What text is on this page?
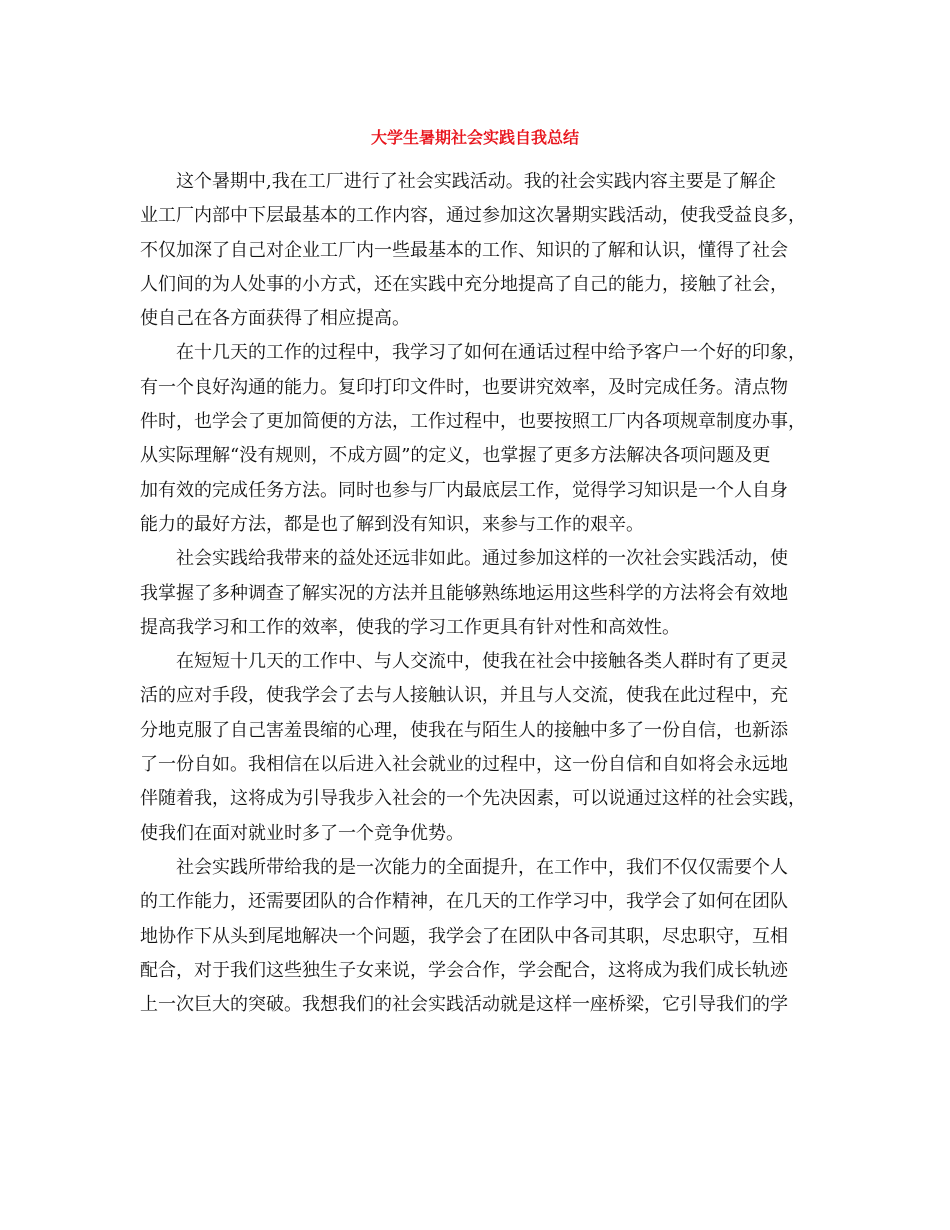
大学生暑期社会实践自我总结
这个暑期中,我在工厂进行了社会实践活动。我的社会实践内容主要是了解企
业工厂内部中下层最基本的工作内容，通过参加这次暑期实践活动，使我受益良多，
不仅加深了自己对企业工厂内一些最基本的工作、知识的了解和认识，懂得了社会
人们间的为人处事的小方式，还在实践中充分地提高了自己的能力，接触了社会，
使自己在各方面获得了相应提高。
在十几天的工作的过程中，我学习了如何在通话过程中给予客户一个好的印象，
有一个良好沟通的能力。复印打印文件时，也要讲究效率，及时完成任务。清点物
件时，也学会了更加简便的方法，工作过程中，也要按照工厂内各项规章制度办事，
从实际理解“没有规则，不成方圆”的定义，也掌握了更多方法解决各项问题及更
加有效的完成任务方法。同时也参与厂内最底层工作，觉得学习知识是一个人自身
能力的最好方法，都是也了解到没有知识，来参与工作的艰辛。
社会实践给我带来的益处还远非如此。通过参加这样的一次社会实践活动，使
我掌握了多种调查了解实况的方法并且能够熟练地运用这些科学的方法将会有效地
提高我学习和工作的效率，使我的学习工作更具有针对性和高效性。
在短短十几天的工作中、与人交流中，使我在社会中接触各类人群时有了更灵
活的应对手段，使我学会了去与人接触认识，并且与人交流，使我在此过程中，充
分地克服了自己害羞畏缩的心理，使我在与陌生人的接触中多了一份自信，也新添
了一份自如。我相信在以后进入社会就业的过程中，这一份自信和自如将会永远地
伴随着我，这将成为引导我步入社会的一个先决因素，可以说通过这样的社会实践，
使我们在面对就业时多了一个竞争优势。
社会实践所带给我的是一次能力的全面提升，在工作中，我们不仅仅需要个人
的工作能力，还需要团队的合作精神，在几天的工作学习中，我学会了如何在团队
地协作下从头到尾地解决一个问题，我学会了在团队中各司其职，尽忠职守，互相
配合，对于我们这些独生子女来说，学会合作，学会配合，这将成为我们成长轨迹
上一次巨大的突破。我想我们的社会实践活动就是这样一座桥梁，它引导我们的学
